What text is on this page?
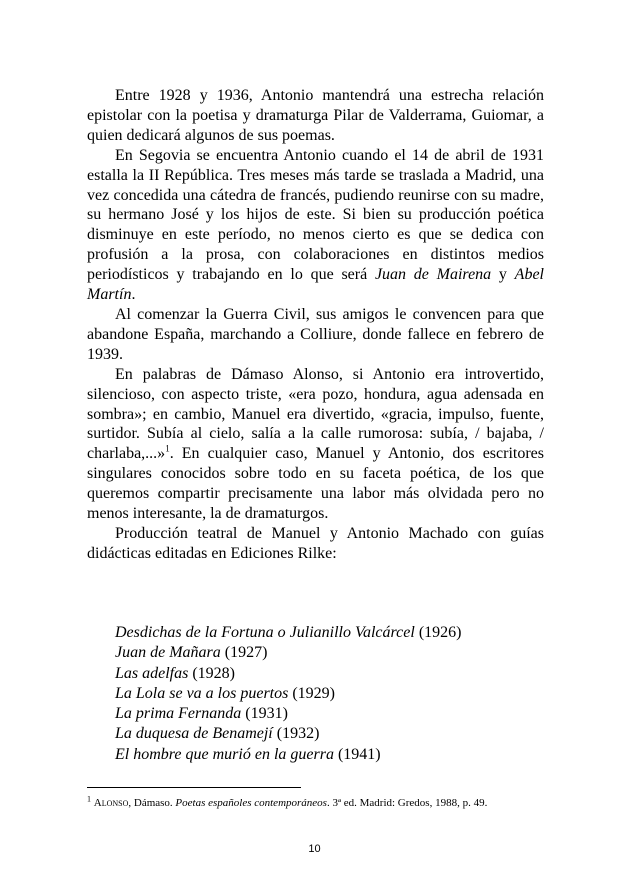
Entre 1928 y 1936, Antonio mantendrá una estrecha relación epistolar con la poetisa y dramaturga Pilar de Valderrama, Guiomar, a quien dedicará algunos de sus poemas.

En Segovia se encuentra Antonio cuando el 14 de abril de 1931 estalla la II República. Tres meses más tarde se traslada a Madrid, una vez concedida una cátedra de francés, pudiendo reunirse con su madre, su hermano José y los hijos de este. Si bien su producción poética disminuye en este período, no menos cierto es que se dedica con profusión a la prosa, con colaboraciones en distintos medios periodísticos y trabajando en lo que será Juan de Mairena y Abel Martín.

Al comenzar la Guerra Civil, sus amigos le convencen para que abandone España, marchando a Colliure, donde fallece en febrero de 1939.

En palabras de Dámaso Alonso, si Antonio era introvertido, silencioso, con aspecto triste, «era pozo, hondura, agua adensada en sombra»; en cambio, Manuel era divertido, «gracia, impulso, fuente, surtidor. Subía al cielo, salía a la calle rumorosa: subía, / bajaba, / charlaba,...»$^1$. En cualquier caso, Manuel y Antonio, dos escritores singulares conocidos sobre todo en su faceta poética, de los que queremos compartir precisamente una labor más olvidada pero no menos interesante, la de dramaturgos.

Producción teatral de Manuel y Antonio Machado con guías didácticas editadas en Ediciones Rilke:

Desdichas de la Fortuna o Julianillo Valcárcel (1926)
Juan de Mañara (1927)
Las adelfas (1928)
La Lola se va a los puertos (1929)
La prima Fernanda (1931)
La duquesa de Benamejí (1932)
El hombre que murió en la guerra (1941)
$^1$ Alonso, Dámaso. Poetas españoles contemporáneos. 3ª ed. Madrid: Gredos, 1988, p. 49.
10
